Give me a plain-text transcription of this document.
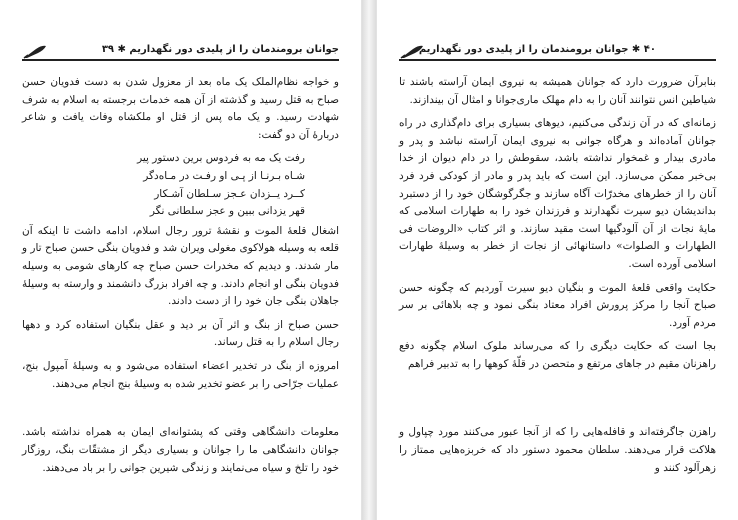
جوانان برومندمان را از پلیدی دور نگهداریم ✱ ۳۹

و خواجه نظام‌الملک یک ماه بعد از معزول شدن به دست فدویان حسن صباح به قتل رسید و گذشته از آن همه خدمات برجسته به اسلام به شرف شهادت رسید. و یک ماه پس از قتل او ملکشاه وفات یافت و شاعر دربارهٔ آن دو گفت:

رفت یک مه به فردوس برین دستور پیر

شـاه بـرنـا از پـی او رفـت در مـاه‌دگر

کــرد یــزدان عـجز سـلطان آشـکار

قهر یزدانی ببین و عجز سلطانی نگر

اشغال قلعهٔ الموت و نقشهٔ ترور رجال اسلام، ادامه داشت تا اینکه آن قلعه به وسیله هولاکوی مغولی ویران شد و فدویان بنگی حسن صباح تار و مار شدند. و دیدیم که مخدرات حسن صباح چه کارهای شومی به وسیله فدویان بنگی او انجام دادند. و چه افراد بزرگ دانشمند و وارسته به وسیلهٔ جاهلان بنگی جان خود را از دست دادند.

حسن صباح از بنگ و اثر آن بر دید و عقل بنگیان استفاده کرد و دهها رجال اسلام را به قتل رساند.

امروزه از بنگ در تخدیر اعضاء استفاده می‌شود و به وسیلهٔ آمپول بنج، عملیات جرّاحی را بر عضو تخدیر شده به وسیلهٔ بنج انجام می‌دهند.

معلومات دانشگاهی وقتی که پشتوانه‌ای ایمان به همراه نداشته باشد. جوانان دانشگاهی ما را جوانان و بسیاری دیگر از مشتقّات بنگ، روزگار خود را تلخ و سیاه می‌نمایند و زندگی شیرین جوانی را بر باد می‌دهند.
۴۰ ✱ جوانان برومندمان را از پلیدی دور نگهداریم

بنابرآن ضرورت دارد که جوانان همیشه به نیروی ایمان آراسته باشند تا شیاطین انس نتوانند آنان را به دام مهلک ماری‌جوانا و امثال آن بیندازند.

زمانه‌ای که در آن زندگی می‌کنیم، دیوهای بسیاری برای دام‌گذاری در راه جوانان آماده‌اند و هرگاه جوانی به نیروی ایمان آراسته نباشد و پدر و مادری بیدار و غمخوار نداشته باشد، سقوطش را در دام دیوان از خدا بی‌خبر ممکن می‌سازد. این است که باید پدر و مادر از کودکی فرد فرد آنان را از خطرهای مخدرّات آگاه سازند و جگرگوشگان خود را از دستبرد بدانديشان ديو سيرت نگهدارند و فرزندان خود را به طهارات اسلامی که مایهٔ نجات از آن آلودگیها است مقید سازند. و اثر کتاب «الروضات فی الطهارات و الصلوات» داستانهائی از نجات از خطر به وسیلهٔ طهارات اسلامی آورده است.

حکایت واقعی قلعهٔ الموت و بنگیان دیو سیرت آوردیم که چگونه حسن صباح آنجا را مرکز پرورش افراد معتاد بنگی نمود و چه بلاهائی بر سر مردم آورد.

بجا است که حکایت دیگری را که می‌رساند ملوک اسلام چگونه دفع راهزنان مقیم در جاهای مرتفع و متحصن در قلّهٔ کوهها را به تدبیر فراهم

راهزن جاگرفته‌اند و قافله‌هایی را که از آنجا عبور می‌کنند مورد چپاول و هلاکت قرار می‌دهند. سلطان محمود دستور داد که خربزه‌هایی ممتاز را زهرآلود کنند و
